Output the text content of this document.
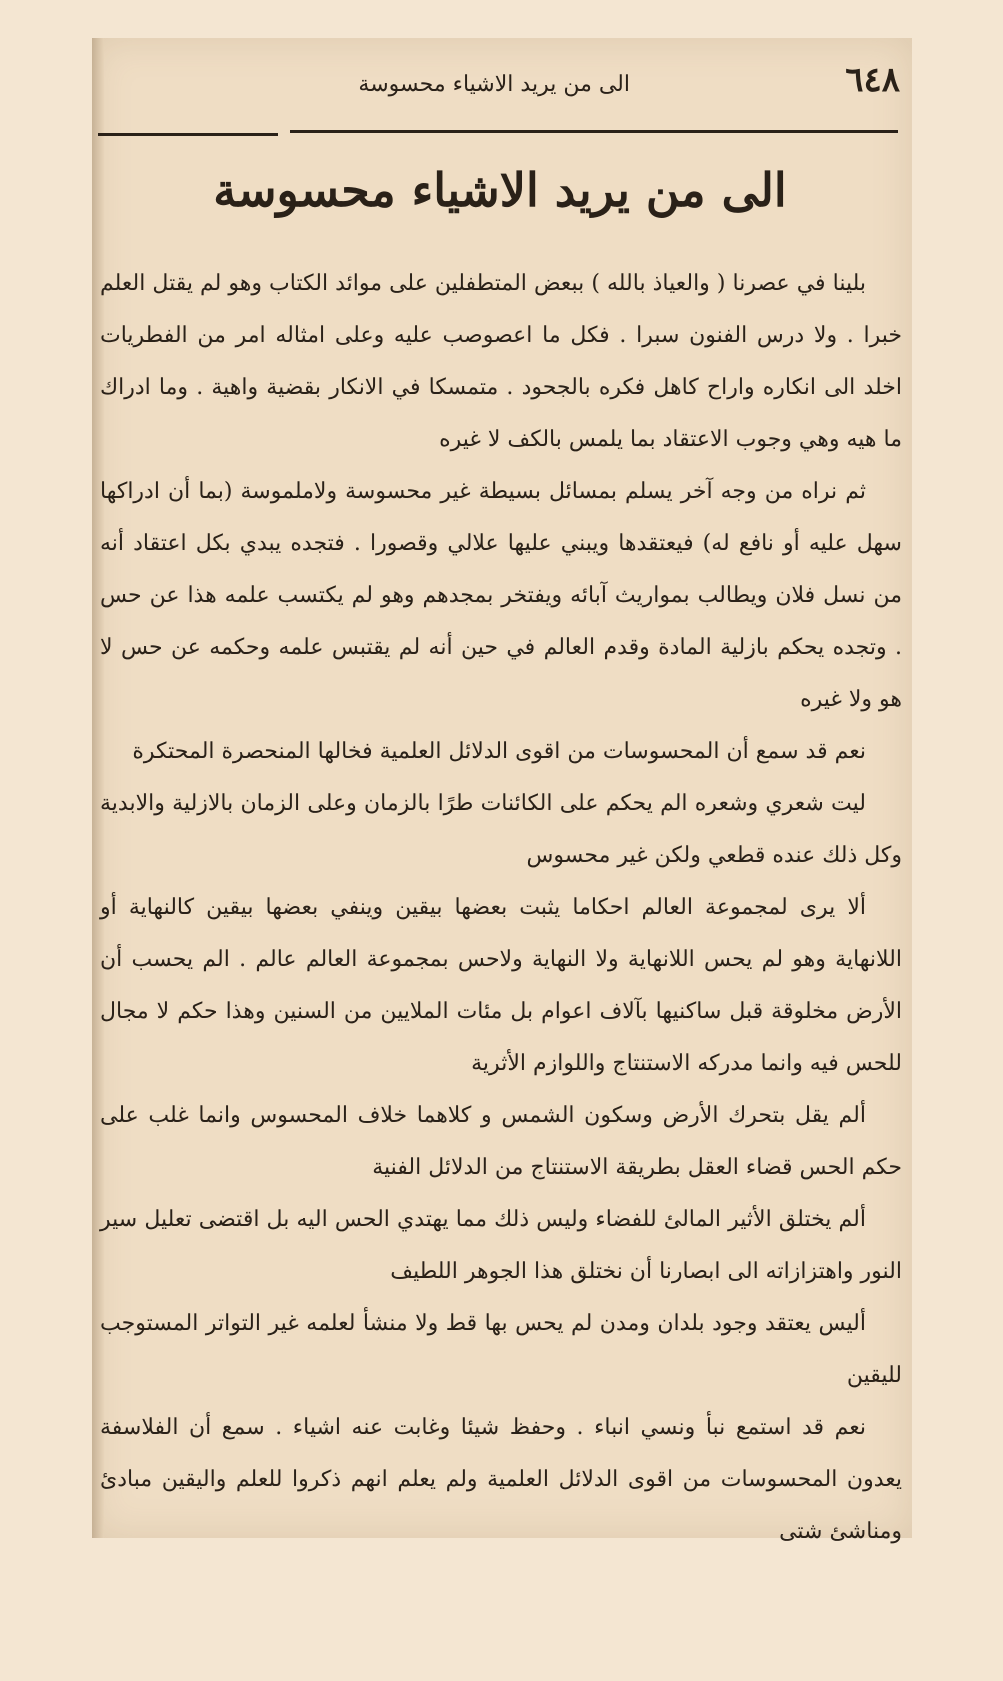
٦٤٨
الى من يريد الاشياء محسوسة
الى من يريد الاشياء محسوسة

بلينا في عصرنا ( والعياذ بالله ) ببعض المتطفلين على موائد الكتاب وهو لم يقتل العلم خبرا . ولا درس الفنون سبرا . فكل ما اعصوصب عليه وعلى امثاله امر من الفطريات اخلد الى انكاره واراح كاهل فكره بالجحود . متمسكا في الانكار بقضية واهية . وما ادراك ما هيه وهي وجوب الاعتقاد بما يلمس بالكف لا غيره

ثم نراه من وجه آخر يسلم بمسائل بسيطة غير محسوسة ولاملموسة (بما أن ادراكها سهل عليه أو نافع له) فيعتقدها ويبني عليها علالي وقصورا . فتجده يبدي بكل اعتقاد أنه من نسل فلان ويطالب بمواريث آبائه ويفتخر بمجدهم وهو لم يكتسب علمه هذا عن حس . وتجده يحكم بازلية المادة وقدم العالم في حين أنه لم يقتبس علمه وحكمه عن حس لا هو ولا غيره

نعم قد سمع أن المحسوسات من اقوى الدلائل العلمية فخالها المنحصرة المحتكرة

ليت شعري وشعره الم يحكم على الكائنات طرًا بالزمان وعلى الزمان بالازلية والابدية وكل ذلك عنده قطعي ولكن غير محسوس

ألا يرى لمجموعة العالم احكاما يثبت بعضها بيقين وينفي بعضها بيقين كالنهاية أو اللانهاية وهو لم يحس اللانهاية ولا النهاية ولاحس بمجموعة العالم عالم . الم يحسب أن الأرض مخلوقة قبل ساكنيها بآلاف اعوام بل مئات الملايين من السنين وهذا حكم لا مجال للحس فيه وانما مدركه الاستنتاج واللوازم الأثرية

ألم يقل بتحرك الأرض وسكون الشمس و كلاهما خلاف المحسوس وانما غلب على حكم الحس قضاء العقل بطريقة الاستنتاج من الدلائل الفنية

ألم يختلق الأثير المالئ للفضاء وليس ذلك مما يهتدي الحس اليه بل اقتضى تعليل سير النور واهتزازاته الى ابصارنا أن نختلق هذا الجوهر اللطيف

أليس يعتقد وجود بلدان ومدن لم يحس بها قط ولا منشأ لعلمه غير التواتر المستوجب لليقين

نعم قد استمع نبأ ونسي انباء . وحفظ شيئا وغابت عنه اشياء . سمع أن الفلاسفة يعدون المحسوسات من اقوى الدلائل العلمية ولم يعلم انهم ذكروا للعلم واليقين مبادئ ومناشئ شتى
